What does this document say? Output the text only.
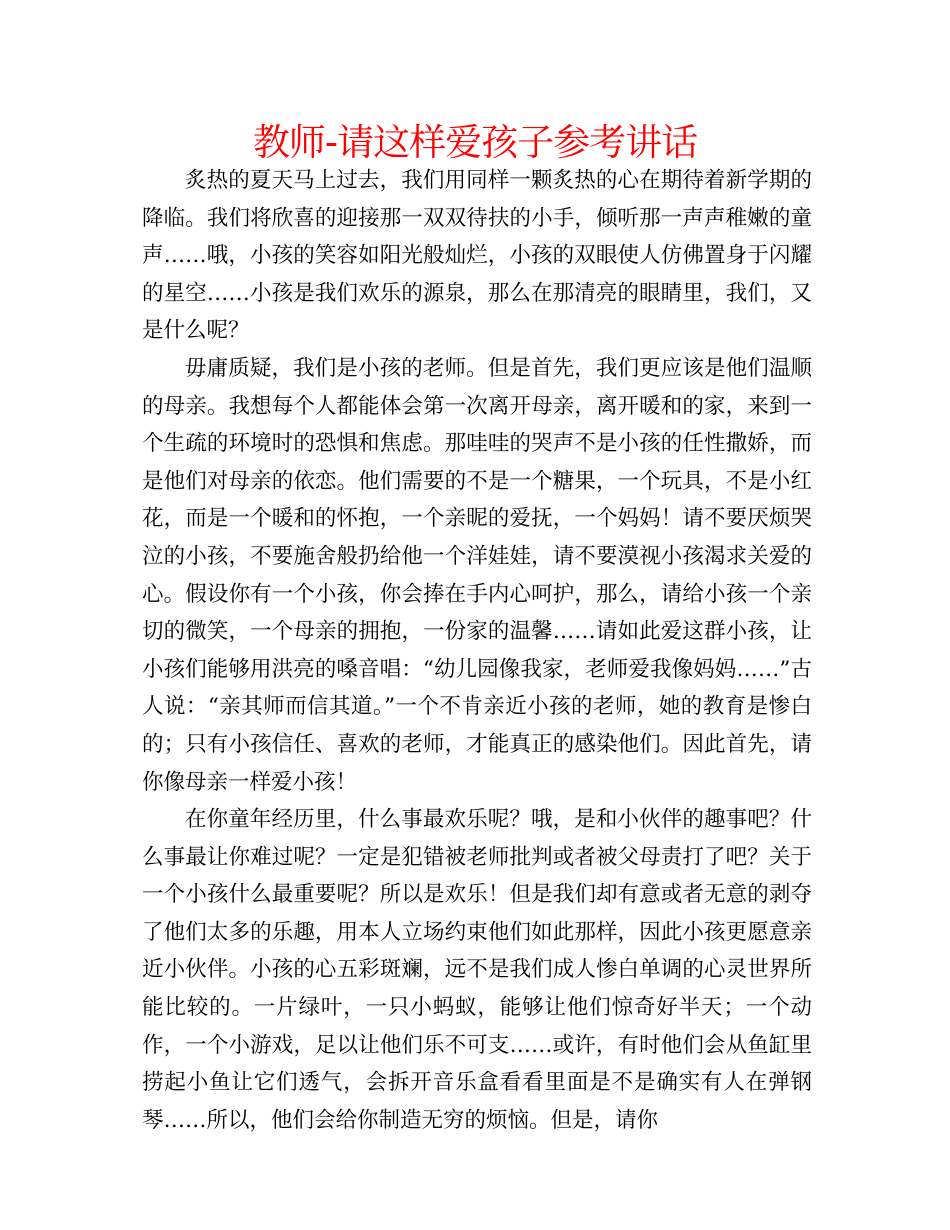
教师-请这样爱孩子参考讲话

炙热的夏天马上过去，我们用同样一颗炙热的心在期待着新学期的降临。我们将欣喜的迎接那一双双待扶的小手，倾听那一声声稚嫩的童声……哦，小孩的笑容如阳光般灿烂，小孩的双眼使人仿佛置身于闪耀的星空……小孩是我们欢乐的源泉，那么在那清亮的眼睛里，我们，又是什么呢？

毋庸质疑，我们是小孩的老师。但是首先，我们更应该是他们温顺的母亲。我想每个人都能体会第一次离开母亲，离开暖和的家，来到一个生疏的环境时的恐惧和焦虑。那哇哇的哭声不是小孩的任性撒娇，而是他们对母亲的依恋。他们需要的不是一个糖果，一个玩具，不是小红花，而是一个暖和的怀抱，一个亲昵的爱抚，一个妈妈！请不要厌烦哭泣的小孩，不要施舍般扔给他一个洋娃娃，请不要漠视小孩渴求关爱的心。假设你有一个小孩，你会捧在手内心呵护，那么，请给小孩一个亲切的微笑，一个母亲的拥抱，一份家的温馨……请如此爱这群小孩，让小孩们能够用洪亮的嗓音唱：“幼儿园像我家，老师爱我像妈妈……”古人说：“亲其师而信其道。”一个不肯亲近小孩的老师，她的教育是惨白的；只有小孩信任、喜欢的老师，才能真正的感染他们。因此首先，请你像母亲一样爱小孩！

在你童年经历里，什么事最欢乐呢？哦，是和小伙伴的趣事吧？什么事最让你难过呢？一定是犯错被老师批判或者被父母责打了吧？关于一个小孩什么最重要呢？所以是欢乐！但是我们却有意或者无意的剥夺了他们太多的乐趣，用本人立场约束他们如此那样，因此小孩更愿意亲近小伙伴。小孩的心五彩斑斓，远不是我们成人惨白单调的心灵世界所能比较的。一片绿叶，一只小蚂蚁，能够让他们惊奇好半天；一个动作，一个小游戏，足以让他们乐不可支……或许，有时他们会从鱼缸里捞起小鱼让它们透气，会拆开音乐盒看看里面是不是确实有人在弹钢琴……所以，他们会给你制造无穷的烦恼。但是，请你
